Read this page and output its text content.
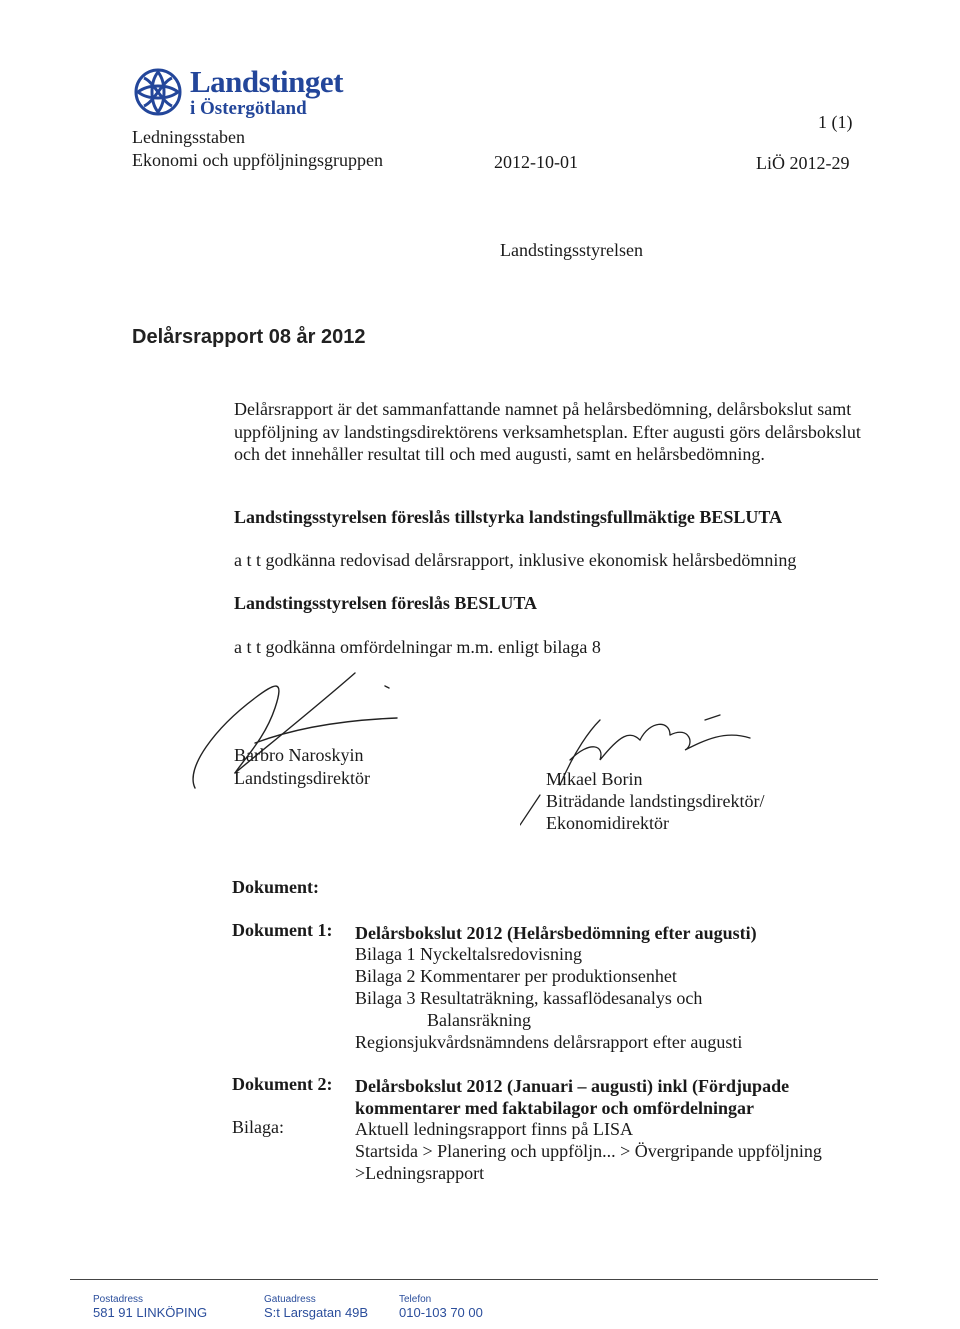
Landstinget
i Östergötland
Ledningsstaben
Ekonomi och uppföljningsgruppen
1 (1)
2012-10-01	LiÖ 2012-29
Landstingsstyrelsen
Delårsrapport 08 år 2012
Delårsrapport är det sammanfattande namnet på helårsbedömning, delårsbokslut samt uppföljning av landstingsdirektörens verksamhetsplan. Efter augusti görs delårsbokslut och det innehåller resultat till och med augusti, samt en helårsbedömning.
Landstingsstyrelsen föreslås tillstyrka landstingsfullmäktige BESLUTA
a t t godkänna redovisad delårsrapport, inklusive ekonomisk helårsbedömning
Landstingsstyrelsen föreslås BESLUTA
a t t godkänna omfördelningar m.m. enligt bilaga 8
Barbro Naroskyin
Landstingsdirektör	Mikael Borin
Biträdande landstingsdirektör/
Ekonomidirektör
Dokument:
Dokument 1: Delårsbokslut 2012 (Helårsbedömning efter augusti)
Bilaga 1 Nyckeltalsredovisning
Bilaga 2 Kommentarer per produktionsenhet
Bilaga 3 Resultaträkning, kassaflödesanalys och
Balansräkning
Regionsjukvårdsnämndens delårsrapport efter augusti
Dokument 2: Delårsbokslut 2012 (Januari – augusti) inkl (Fördjupade
kommentarer med faktabilagor och omfördelningar
Bilaga:	Aktuell ledningsrapport finns på LISA
Startsida > Planering och uppföljn... > Övergripande uppföljning
>Ledningsrapport
Postadress
581 91 LINKÖPING
Gatuadress
S:t Larsgatan 49B
Telefon
010-103 70 00
